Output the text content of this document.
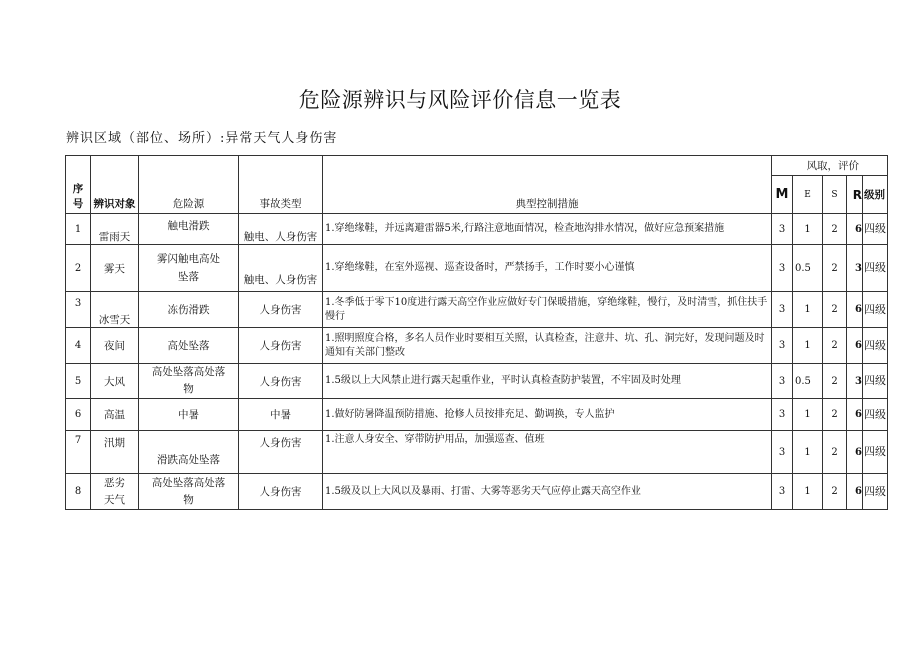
危险源辨识与风险评价信息一览表
辨识区域（部位、场所）:异常天气人身伤害
序号	辨识对象	危险源	事故类型	典型控制措施	风取，评价				
					M	E	S	R	级别
1	雷雨天	触电滑跌	触电、人身伤害	1.穿绝缘鞋，并远离避雷器5米,行路注意地面情况，检查地沟排水情况，做好应急预案措施	3	1	2	6	四级
2	雾天	雾闪触电高处坠落	触电、人身伤害	1.穿绝缘鞋，在室外巡视、巡查设备时，严禁扬手，工作时要小心谨慎	3	0.5	2	3	四级
3	冰雪天	冻伤滑跌	人身伤害	1.冬季低于零下10度进行露天高空作业应做好专门保暖措施，穿绝缘鞋，慢行，及时清雪，抓住扶手慢行	3	1	2	6	四级
4	夜间	高处坠落	人身伤害	1.照明照度合格，多名人员作业时要相互关照，认真检查，注意井、坑、孔、洞完好，发现问题及时通知有关部门整改	3	1	2	6	四级
5	大风	高处坠落高处落物	人身伤害	1.5级以上大风禁止进行露天起重作业，平时认真检查防护装置，不牢固及时处理	3	0.5	2	3	四级
6	高温	中暑	中暑	1.做好防暑降温预防措施、抢修人员按排充足、勤调换，专人监护	3	1	2	6	四级
7	汛期	滑跌高处坠落	人身伤害	1.注意人身安全、穿带防护用品，加强巡查、值班	3	1	2	6	四级
8	恶劣天气	高处坠落高处落物	人身伤害	1.5级及以上大风以及暴雨、打雷、大雾等恶劣天气应停止露天高空作业	3	1	2	6	四级
